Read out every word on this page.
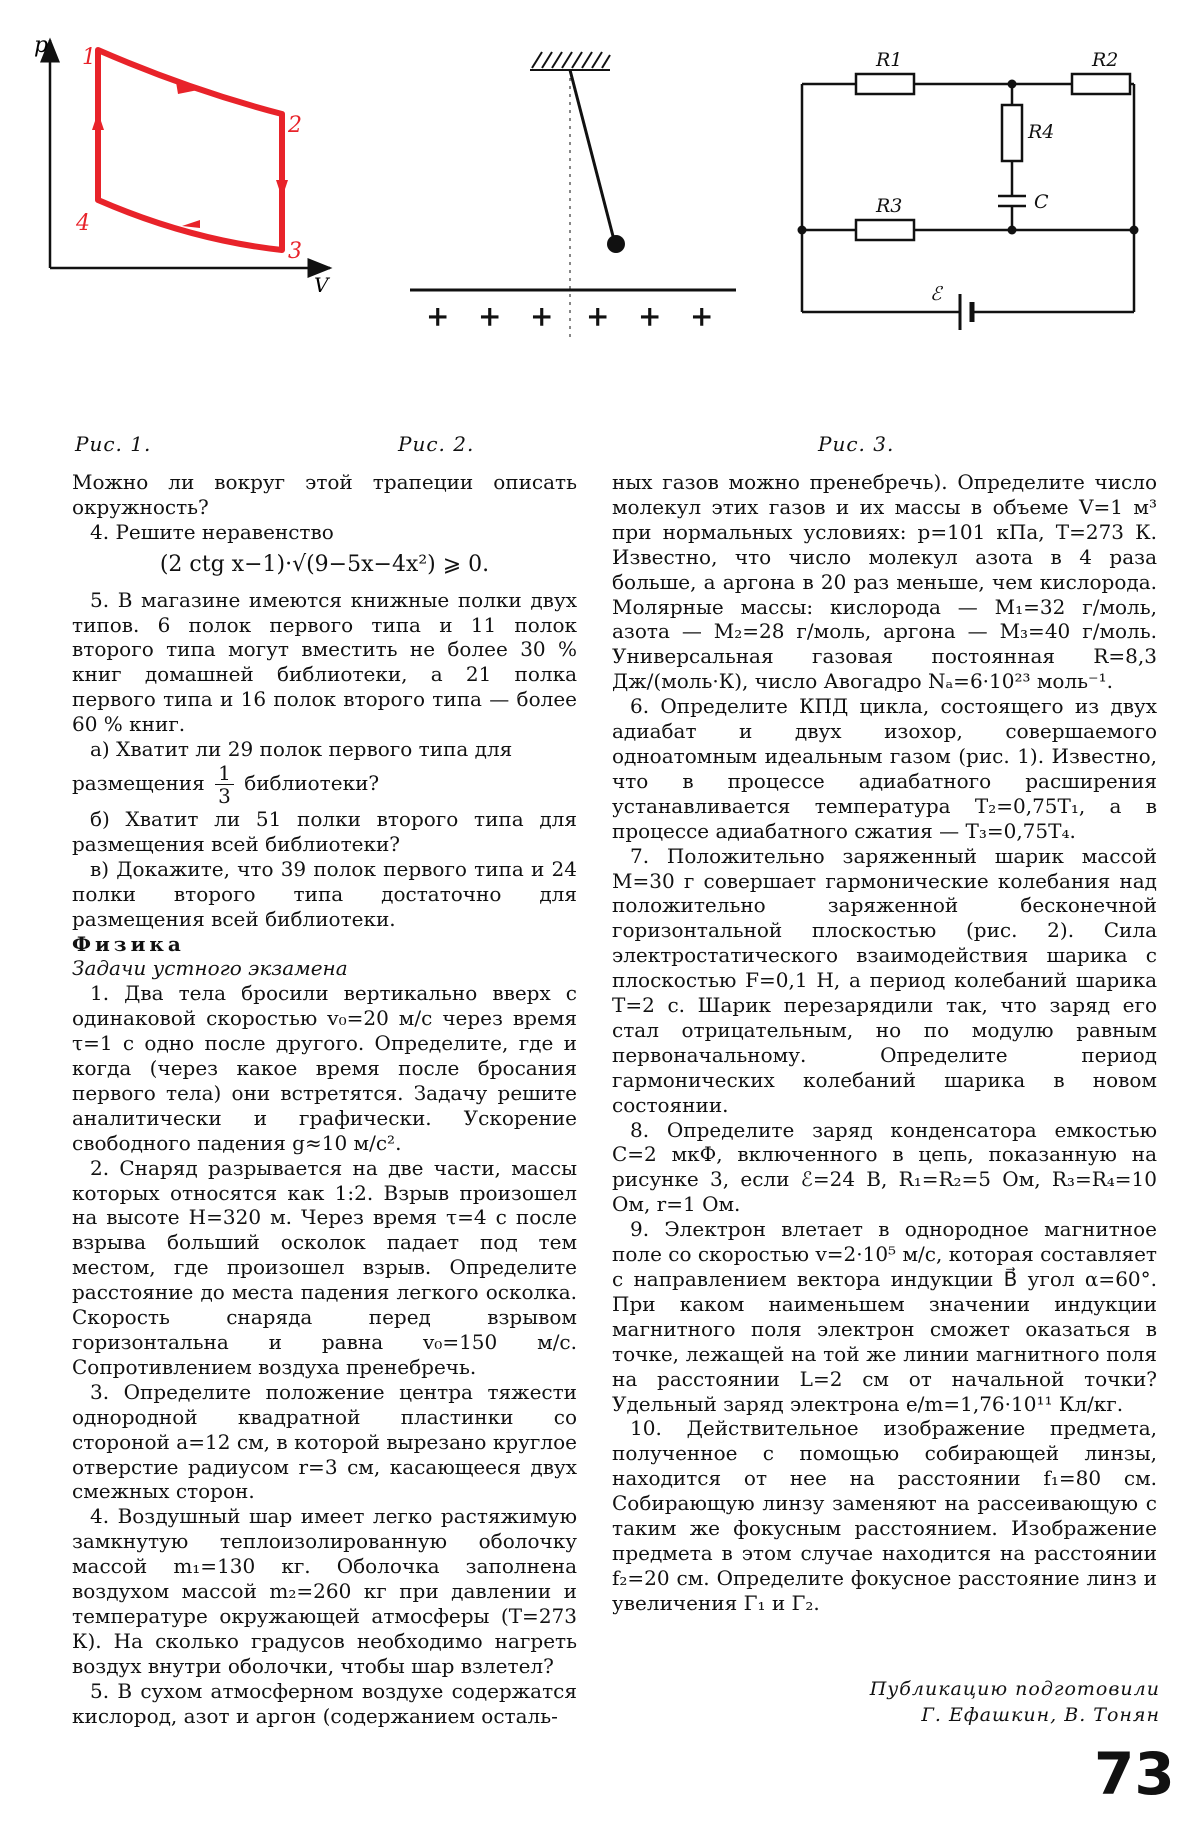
p
V
1
2
3
4
+ + + + + +
R1	R2
R3
R4
C
ℰ
Рис. 1.	Рис. 2.	Рис. 3.

Можно ли вокруг этой трапеции описать окружность?

4. Решите неравенство

(2 ctg x−1)·√(9−5x−4x²) ⩾ 0.

5. В магазине имеются книжные полки двух типов. 6 полок первого типа и 11 полок второго типа могут вместить не более 30 % книг домашней библиотеки, а 21 полка первого типа и 16 полок второго типа — более 60 % книг.

а) Хватит ли 29 полок первого типа для

размещения $\frac{1}{3}$ библиотеки?

б) Хватит ли 51 полки второго типа для размещения всей библиотеки?

в) Докажите, что 39 полок первого типа и 24 полки второго типа достаточно для размещения всей библиотеки.

Физика

Задачи устного экзамена

1. Два тела бросили вертикально вверх с одинаковой скоростью v₀=20 м/с через время τ=1 с одно после другого. Определите, где и когда (через какое время после бросания первого тела) они встретятся. Задачу решите аналитически и графически. Ускорение свободного падения g≈10 м/с².

2. Снаряд разрывается на две части, массы которых относятся как 1:2. Взрыв произошел на высоте H=320 м. Через время τ=4 с после взрыва больший осколок падает под тем местом, где произошел взрыв. Определите расстояние до места падения легкого осколка. Скорость снаряда перед взрывом горизонтальна и равна v₀=150 м/с. Сопротивлением воздуха пренебречь.

3. Определите положение центра тяжести однородной квадратной пластинки со стороной a=12 см, в которой вырезано круглое отверстие радиусом r=3 см, касающееся двух смежных сторон.

4. Воздушный шар имеет легко растяжимую замкнутую теплоизолированную оболочку массой m₁=130 кг. Оболочка заполнена воздухом массой m₂=260 кг при давлении и температуре окружающей атмосферы (T=273 К). На сколько градусов необходимо нагреть воздух внутри оболочки, чтобы шар взлетел?

5. В сухом атмосферном воздухе содержатся кислород, азот и аргон (содержанием осталь-

ных газов можно пренебречь). Определите число молекул этих газов и их массы в объеме V=1 м³ при нормальных условиях: p=101 кПа, T=273 К. Известно, что число молекул азота в 4 раза больше, а аргона в 20 раз меньше, чем кислорода. Молярные массы: кислорода — M₁=32 г/моль, азота — M₂=28 г/моль, аргона — M₃=40 г/моль. Универсальная газовая постоянная R=8,3 Дж/(моль·К), число Авогадро Nₐ=6·10²³ моль⁻¹.

6. Определите КПД цикла, состоящего из двух адиабат и двух изохор, совершаемого одноатомным идеальным газом (рис. 1). Известно, что в процессе адиабатного расширения устанавливается температура T₂=0,75T₁, а в процессе адиабатного сжатия — T₃=0,75T₄.

7. Положительно заряженный шарик массой M=30 г совершает гармонические колебания над положительно заряженной бесконечной горизонтальной плоскостью (рис. 2). Сила электростатического взаимодействия шарика с плоскостью F=0,1 Н, а период колебаний шарика T=2 с. Шарик перезарядили так, что заряд его стал отрицательным, но по модулю равным первоначальному. Определите период гармонических колебаний шарика в новом состоянии.

8. Определите заряд конденсатора емкостью C=2 мкФ, включенного в цепь, показанную на рисунке 3, если ℰ=24 В, R₁=R₂=5 Ом, R₃=R₄=10 Ом, r=1 Ом.

9. Электрон влетает в однородное магнитное поле со скоростью v=2·10⁵ м/с, которая составляет с направлением вектора индукции B⃗ угол α=60°. При каком наименьшем значении индукции магнитного поля электрон сможет оказаться в точке, лежащей на той же линии магнитного поля на расстоянии L=2 см от начальной точки? Удельный заряд электрона e/m=1,76·10¹¹ Кл/кг.

10. Действительное изображение предмета, полученное с помощью собирающей линзы, находится от нее на расстоянии f₁=80 см. Собирающую линзу заменяют на рассеивающую с таким же фокусным расстоянием. Изображение предмета в этом случае находится на расстоянии f₂=20 см. Определите фокусное расстояние линз и увеличения Γ₁ и Γ₂.

Публикацию подготовили
Г. Ефашкин, В. Тонян
73
